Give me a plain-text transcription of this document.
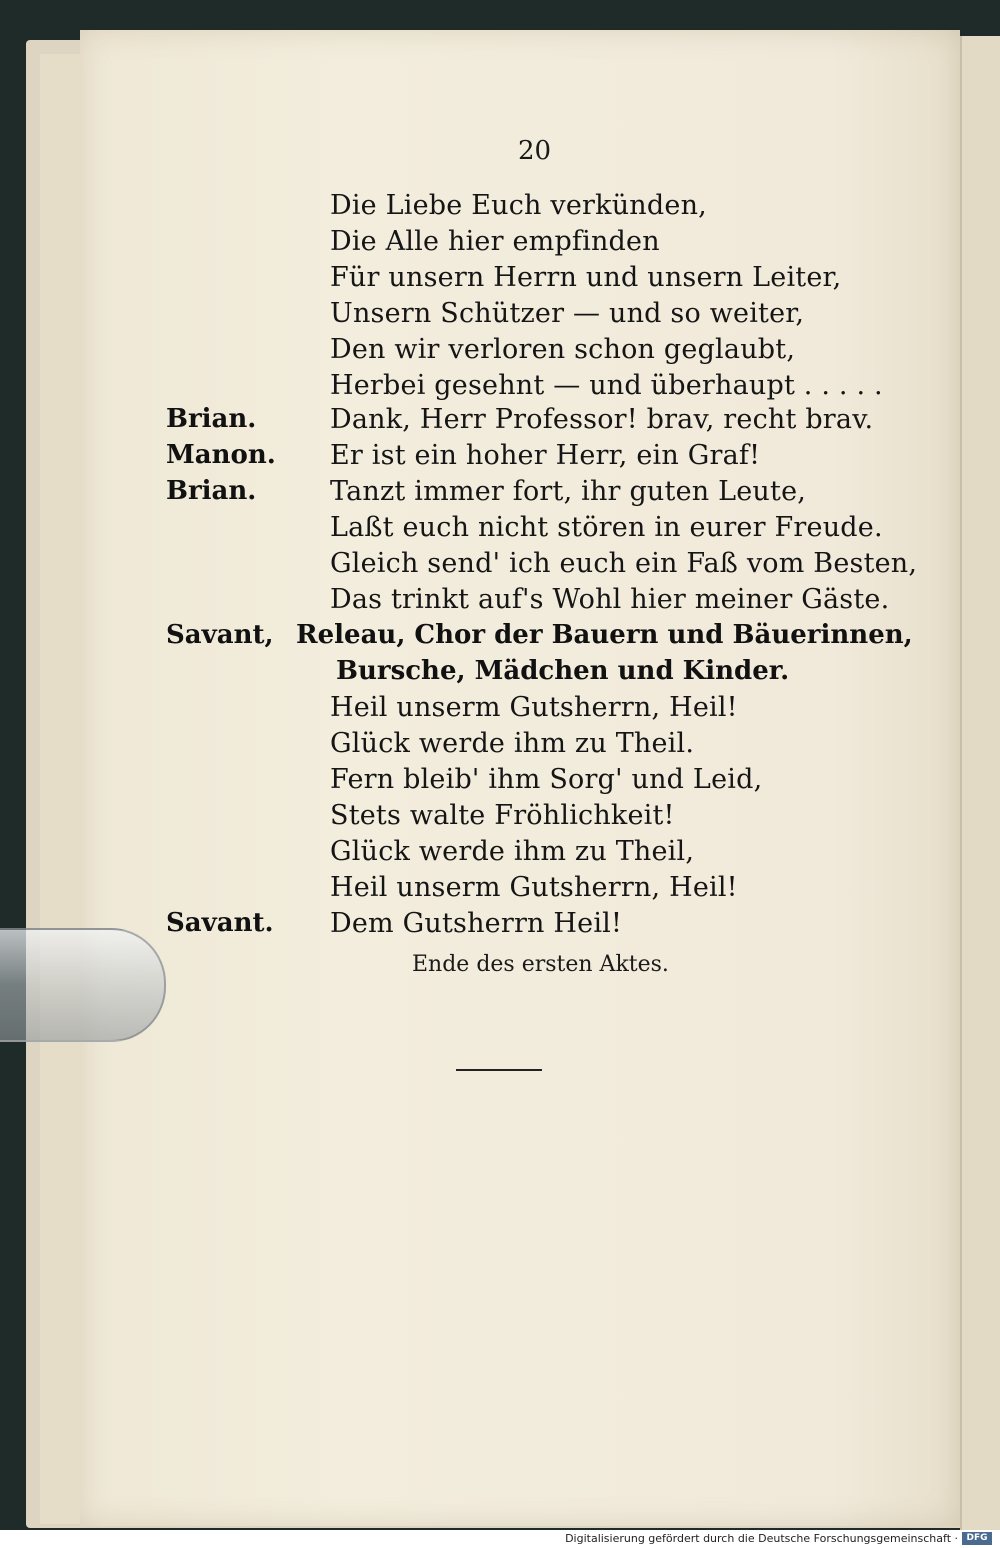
20
Die Liebe Euch verkünden,
Die Alle hier empfinden
Für unsern Herrn und unsern Leiter,
Unsern Schützer — und so weiter,
Den wir verloren schon geglaubt,
Herbei gesehnt — und überhaupt . . . . .
Brian.	Dank, Herr Professor! brav, recht brav.
Manon. Er ist ein hoher Herr, ein Graf!
Brian.	Tanzt immer fort, ihr guten Leute,
Laßt euch nicht stören in eurer Freude.
Gleich send' ich euch ein Faß vom Besten,
Das trinkt auf's Wohl hier meiner Gäste.
Savant, Releau, Chor der Bauern und Bäuerinnen,
Bursche, Mädchen und Kinder.
Heil unserm Gutsherrn, Heil!
Glück werde ihm zu Theil.
Fern bleib' ihm Sorg' und Leid,
Stets walte Fröhlichkeit!
Glück werde ihm zu Theil,
Heil unserm Gutsherrn, Heil!
Savant. Dem Gutsherrn Heil!
Ende des ersten Aktes.
Digitalisierung gefördert durch die Deutsche Forschungsgemeinschaft · DFG
